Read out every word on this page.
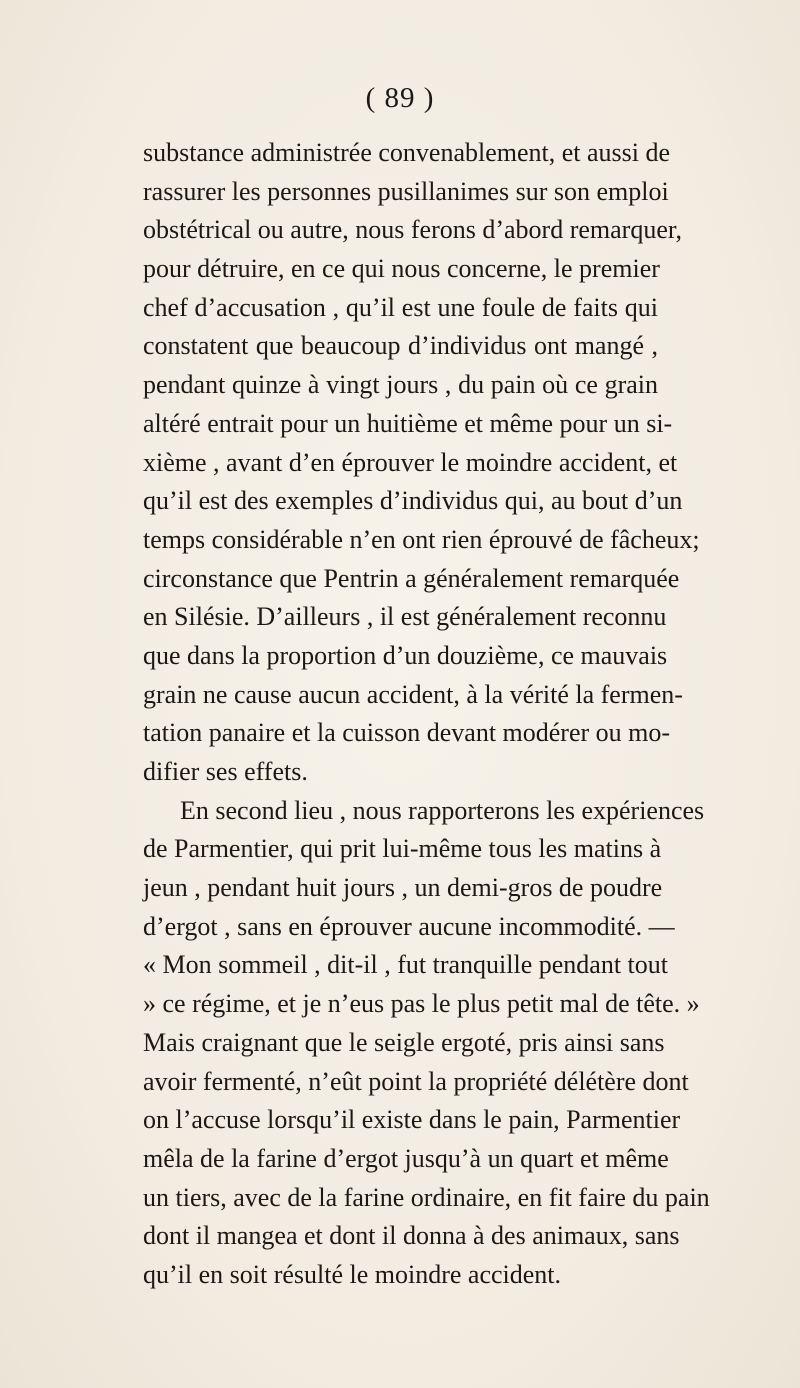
( 89 )
substance administrée convenablement, et aussi de
rassurer les personnes pusillanimes sur son emploi
obstétrical ou autre, nous ferons d’abord remarquer,
pour détruire, en ce qui nous concerne, le premier
chef d’accusation , qu’il est une foule de faits qui
constatent que beaucoup d’individus ont mangé ,
pendant quinze à vingt jours , du pain où ce grain
altéré entrait pour un huitième et même pour un si-
xième , avant d’en éprouver le moindre accident, et
qu’il est des exemples d’individus qui, au bout d’un
temps considérable n’en ont rien éprouvé de fâcheux;
circonstance que Pentrin a généralement remarquée
en Silésie. D’ailleurs , il est généralement reconnu
que dans la proportion d’un douzième, ce mauvais
grain ne cause aucun accident, à la vérité la fermen-
tation panaire et la cuisson devant modérer ou mo-
difier ses effets.
En second lieu , nous rapporterons les expériences
de Parmentier, qui prit lui-même tous les matins à
jeun , pendant huit jours , un demi-gros de poudre
d’ergot , sans en éprouver aucune incommodité. —
« Mon sommeil , dit-il , fut tranquille pendant tout
» ce régime, et je n’eus pas le plus petit mal de tête. »
Mais craignant que le seigle ergoté, pris ainsi sans
avoir fermenté, n’eût point la propriété délétère dont
on l’accuse lorsqu’il existe dans le pain, Parmentier
mêla de la farine d’ergot jusqu’à un quart et même
un tiers, avec de la farine ordinaire, en fit faire du pain
dont il mangea et dont il donna à des animaux, sans
qu’il en soit résulté le moindre accident.
